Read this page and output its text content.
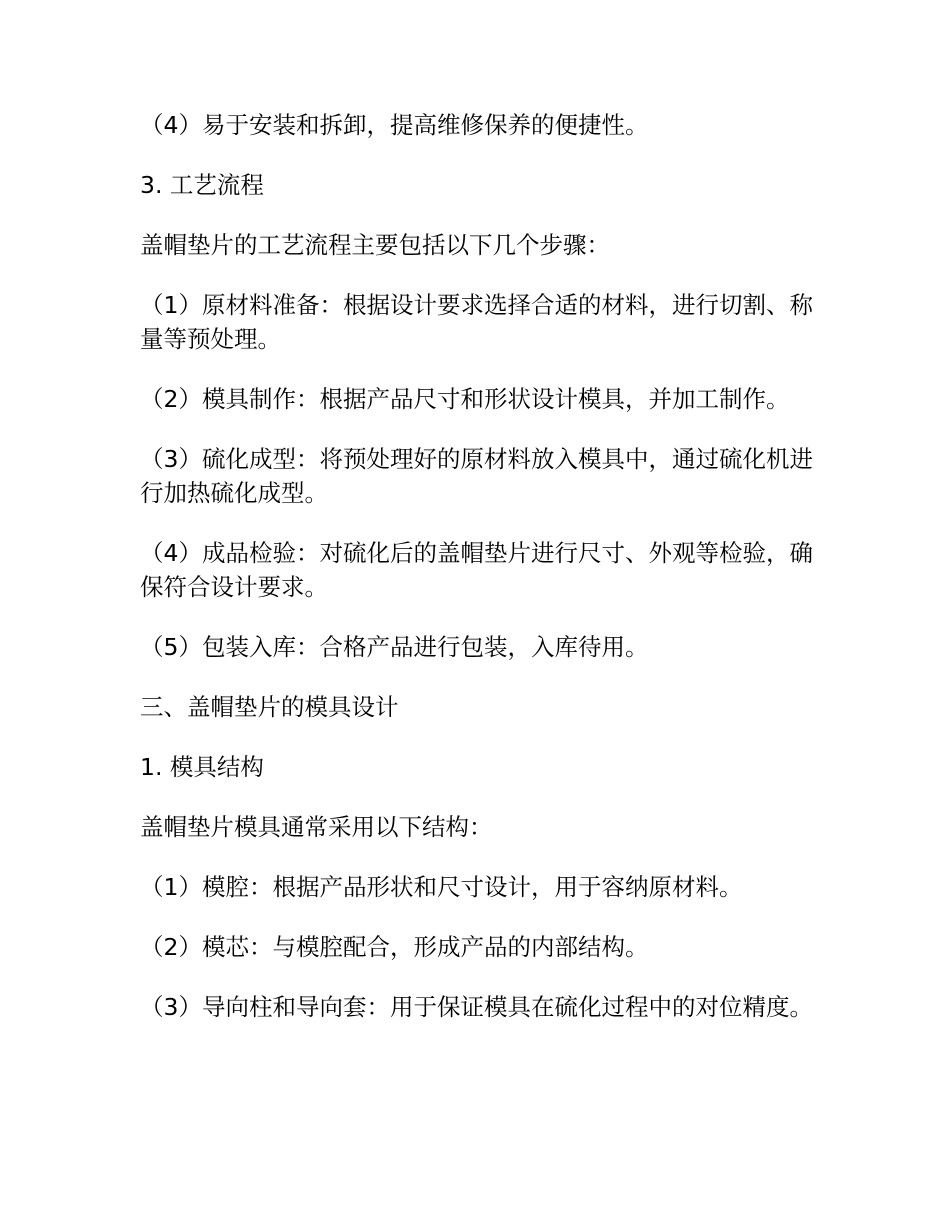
（4）易于安装和拆卸，提高维修保养的便捷性。

3. 工艺流程

盖帽垫片的工艺流程主要包括以下几个步骤：

（1）原材料准备：根据设计要求选择合适的材料，进行切割、称量等预处理。

（2）模具制作：根据产品尺寸和形状设计模具，并加工制作。

（3）硫化成型：将预处理好的原材料放入模具中，通过硫化机进行加热硫化成型。

（4）成品检验：对硫化后的盖帽垫片进行尺寸、外观等检验，确保符合设计要求。

（5）包装入库：合格产品进行包装，入库待用。

三、盖帽垫片的模具设计

1. 模具结构

盖帽垫片模具通常采用以下结构：

（1）模腔：根据产品形状和尺寸设计，用于容纳原材料。

（2）模芯：与模腔配合，形成产品的内部结构。

（3）导向柱和导向套：用于保证模具在硫化过程中的对位精度。
